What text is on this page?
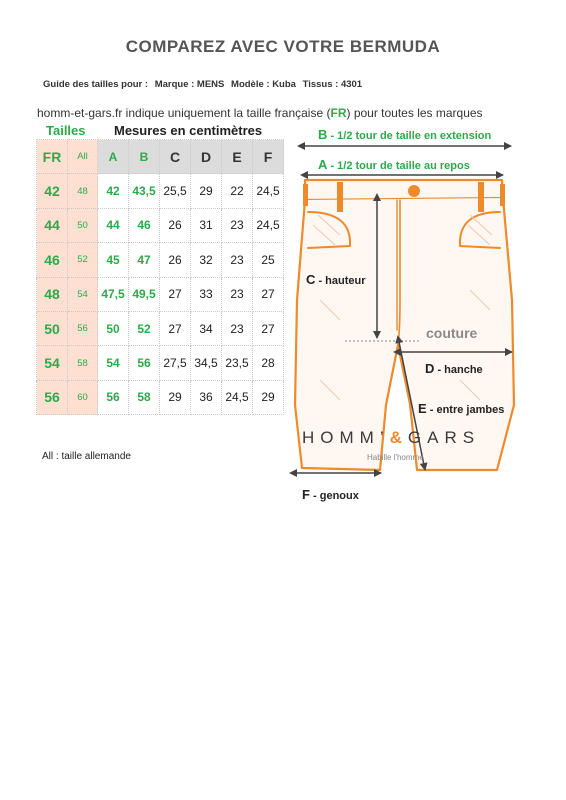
COMPAREZ AVEC VOTRE BERMUDA
Guide des tailles pour : Marque : MENS Modèle : Kuba Tissus : 4301
homm-et-gars.fr indique uniquement la taille française (FR) pour toutes les marques
Tailles Mesures en centimètres
FR	All	A	B	C	D	E	F
42	48	42	43,5	25,5	29	22	24,5
44	50	44	46	26	31	23	24,5
46	52	45	47	26	32	23	25
48	54	47,5	49,5	27	33	23	27
50	56	50	52	27	34	23	27
54	58	54	56	27,5	34,5	23,5	28
56	60	56	58	29	36	24,5	29
All : taille allemande
B - 1/2 tour de taille en extension
A - 1/2 tour de taille au repos
C - hauteur
couture
D - hanche
E - entre jambes
F - genoux
HOMM’&GARS
Habille l'homme
